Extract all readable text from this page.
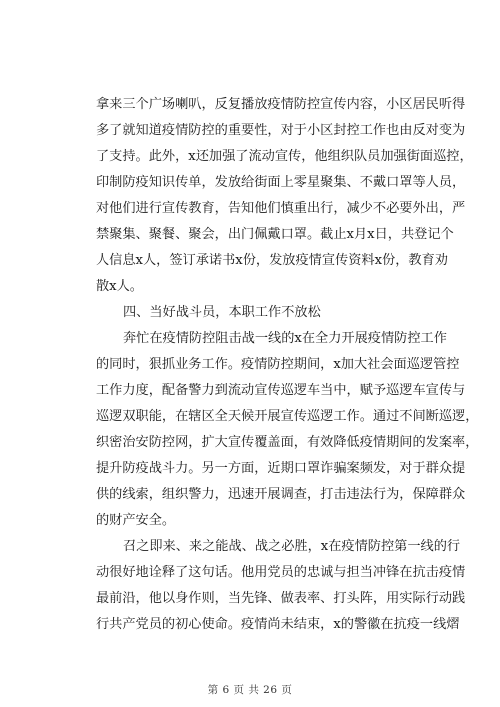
拿来三个广场喇叭，反复播放疫情防控宣传内容，小区居民听得
多了就知道疫情防控的重要性，对于小区封控工作也由反对变为
了支持。此外，x还加强了流动宣传，他组织队员加强街面巡控，
印制防疫知识传单，发放给街面上零星聚集、不戴口罩等人员，
对他们进行宣传教育，告知他们慎重出行，减少不必要外出，严
禁聚集、聚餐、聚会，出门佩戴口罩。截止x月x日，共登记个
人信息x人，签订承诺书x份，发放疫情宣传资料x份，教育劝
散x人。
四、当好战斗员，本职工作不放松
奔忙在疫情防控阻击战一线的x在全力开展疫情防控工作
的同时，狠抓业务工作。疫情防控期间，x加大社会面巡逻管控
工作力度，配备警力到流动宣传巡逻车当中，赋予巡逻车宣传与
巡逻双职能，在辖区全天候开展宣传巡逻工作。通过不间断巡逻，
织密治安防控网，扩大宣传覆盖面，有效降低疫情期间的发案率，
提升防疫战斗力。另一方面，近期口罩诈骗案频发，对于群众提
供的线索，组织警力，迅速开展调查，打击违法行为，保障群众
的财产安全。
召之即来、来之能战、战之必胜，x在疫情防控第一线的行
动很好地诠释了这句话。他用党员的忠诚与担当冲锋在抗击疫情
最前沿，他以身作则，当先锋、做表率、打头阵，用实际行动践
行共产党员的初心使命。疫情尚未结束，x的警徽在抗疫一线熠
第 6 页 共 26 页
